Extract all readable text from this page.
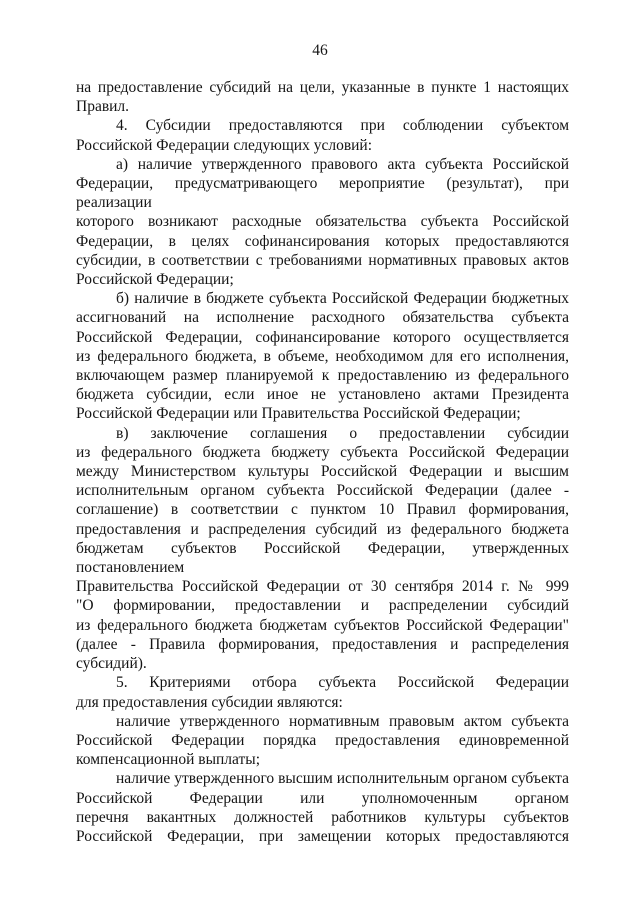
46

на предоставление субсидий на цели, указанные в пункте 1 настоящих

Правил.

4. Субсидии предоставляются при соблюдении субъектом

Российской Федерации следующих условий:

а) наличие утвержденного правового акта субъекта Российской

Федерации, предусматривающего мероприятие (результат), при реализации

которого возникают расходные обязательства субъекта Российской

Федерации, в целях софинансирования которых предоставляются

субсидии, в соответствии с требованиями нормативных правовых актов

Российской Федерации;

б) наличие в бюджете субъекта Российской Федерации бюджетных

ассигнований на исполнение расходного обязательства субъекта

Российской Федерации, софинансирование которого осуществляется

из федерального бюджета, в объеме, необходимом для его исполнения,

включающем размер планируемой к предоставлению из федерального

бюджета субсидии, если иное не установлено актами Президента

Российской Федерации или Правительства Российской Федерации;

в) заключение соглашения о предоставлении субсидии

из федерального бюджета бюджету субъекта Российской Федерации

между Министерством культуры Российской Федерации и высшим

исполнительным органом субъекта Российской Федерации (далее -

соглашение) в соответствии с пунктом 10 Правил формирования,

предоставления и распределения субсидий из федерального бюджета

бюджетам субъектов Российской Федерации, утвержденных постановлением

Правительства Российской Федерации от 30 сентября 2014 г. № 999

"О формировании, предоставлении и распределении субсидий

из федерального бюджета бюджетам субъектов Российской Федерации"

(далее - Правила формирования, предоставления и распределения

субсидий).

5. Критериями отбора субъекта Российской Федерации

для предоставления субсидии являются:

наличие утвержденного нормативным правовым актом субъекта

Российской Федерации порядка предоставления единовременной

компенсационной выплаты;

наличие утвержденного высшим исполнительным органом субъекта

Российской Федерации или уполномоченным органом

перечня вакантных должностей работников культуры субъектов

Российской Федерации, при замещении которых предоставляются
